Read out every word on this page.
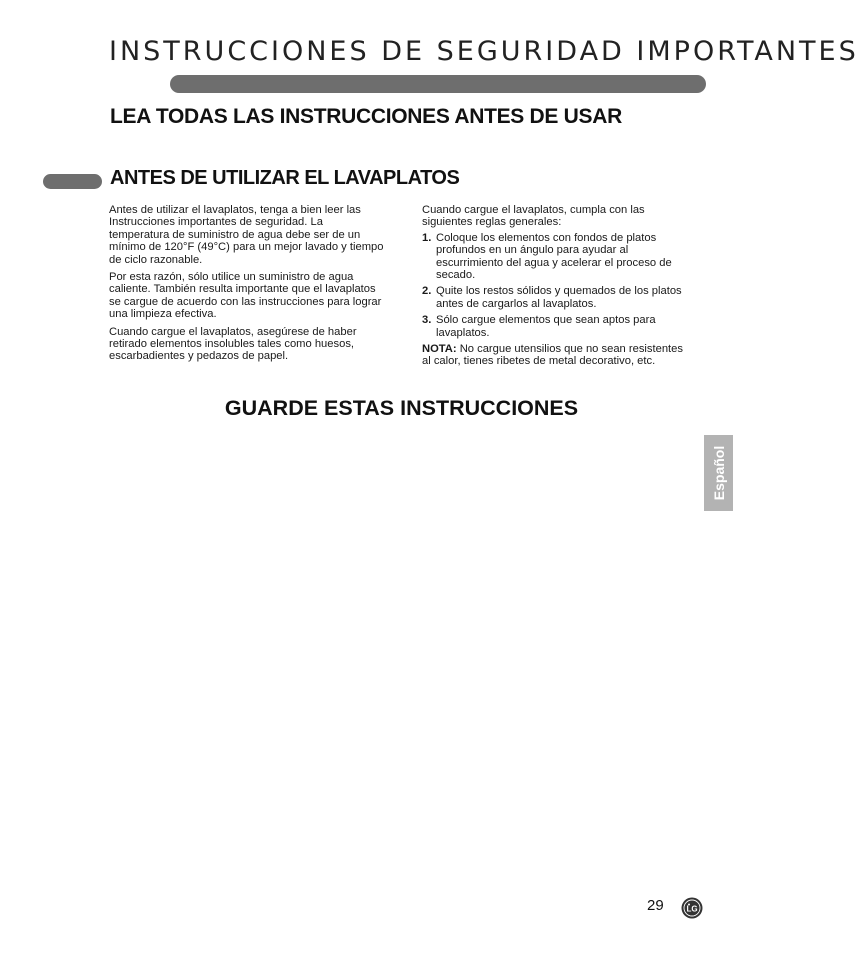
INSTRUCCIONES DE SEGURIDAD IMPORTANTES
LEA TODAS LAS INSTRUCCIONES ANTES DE USAR
ANTES DE UTILIZAR EL LAVAPLATOS

Antes de utilizar el lavaplatos, tenga a bien leer las Instrucciones importantes de seguridad. La temperatura de suministro de agua debe ser de un mínimo de 120°F (49°C) para un mejor lavado y tiempo de ciclo razonable.

Por esta razón, sólo utilice un suministro de agua caliente. También resulta importante que el lavaplatos se cargue de acuerdo con las instrucciones para lograr una limpieza efectiva.

Cuando cargue el lavaplatos, asegúrese de haber retirado elementos insolubles tales como huesos, escarbadientes y pedazos de papel.

Cuando cargue el lavaplatos, cumpla con las siguientes reglas generales:

1. Coloque los elementos con fondos de platos profundos en un ángulo para ayudar al escurrimiento del agua y acelerar el proceso de secado.
2. Quite los restos sólidos y quemados de los platos antes de cargarlos al lavaplatos.
3. Sólo cargue elementos que sean aptos para lavaplatos.

NOTA: No cargue utensilios que no sean resistentes al calor, tienes ribetes de metal decorativo, etc.

GUARDE ESTAS INSTRUCCIONES
Español
29	LG
